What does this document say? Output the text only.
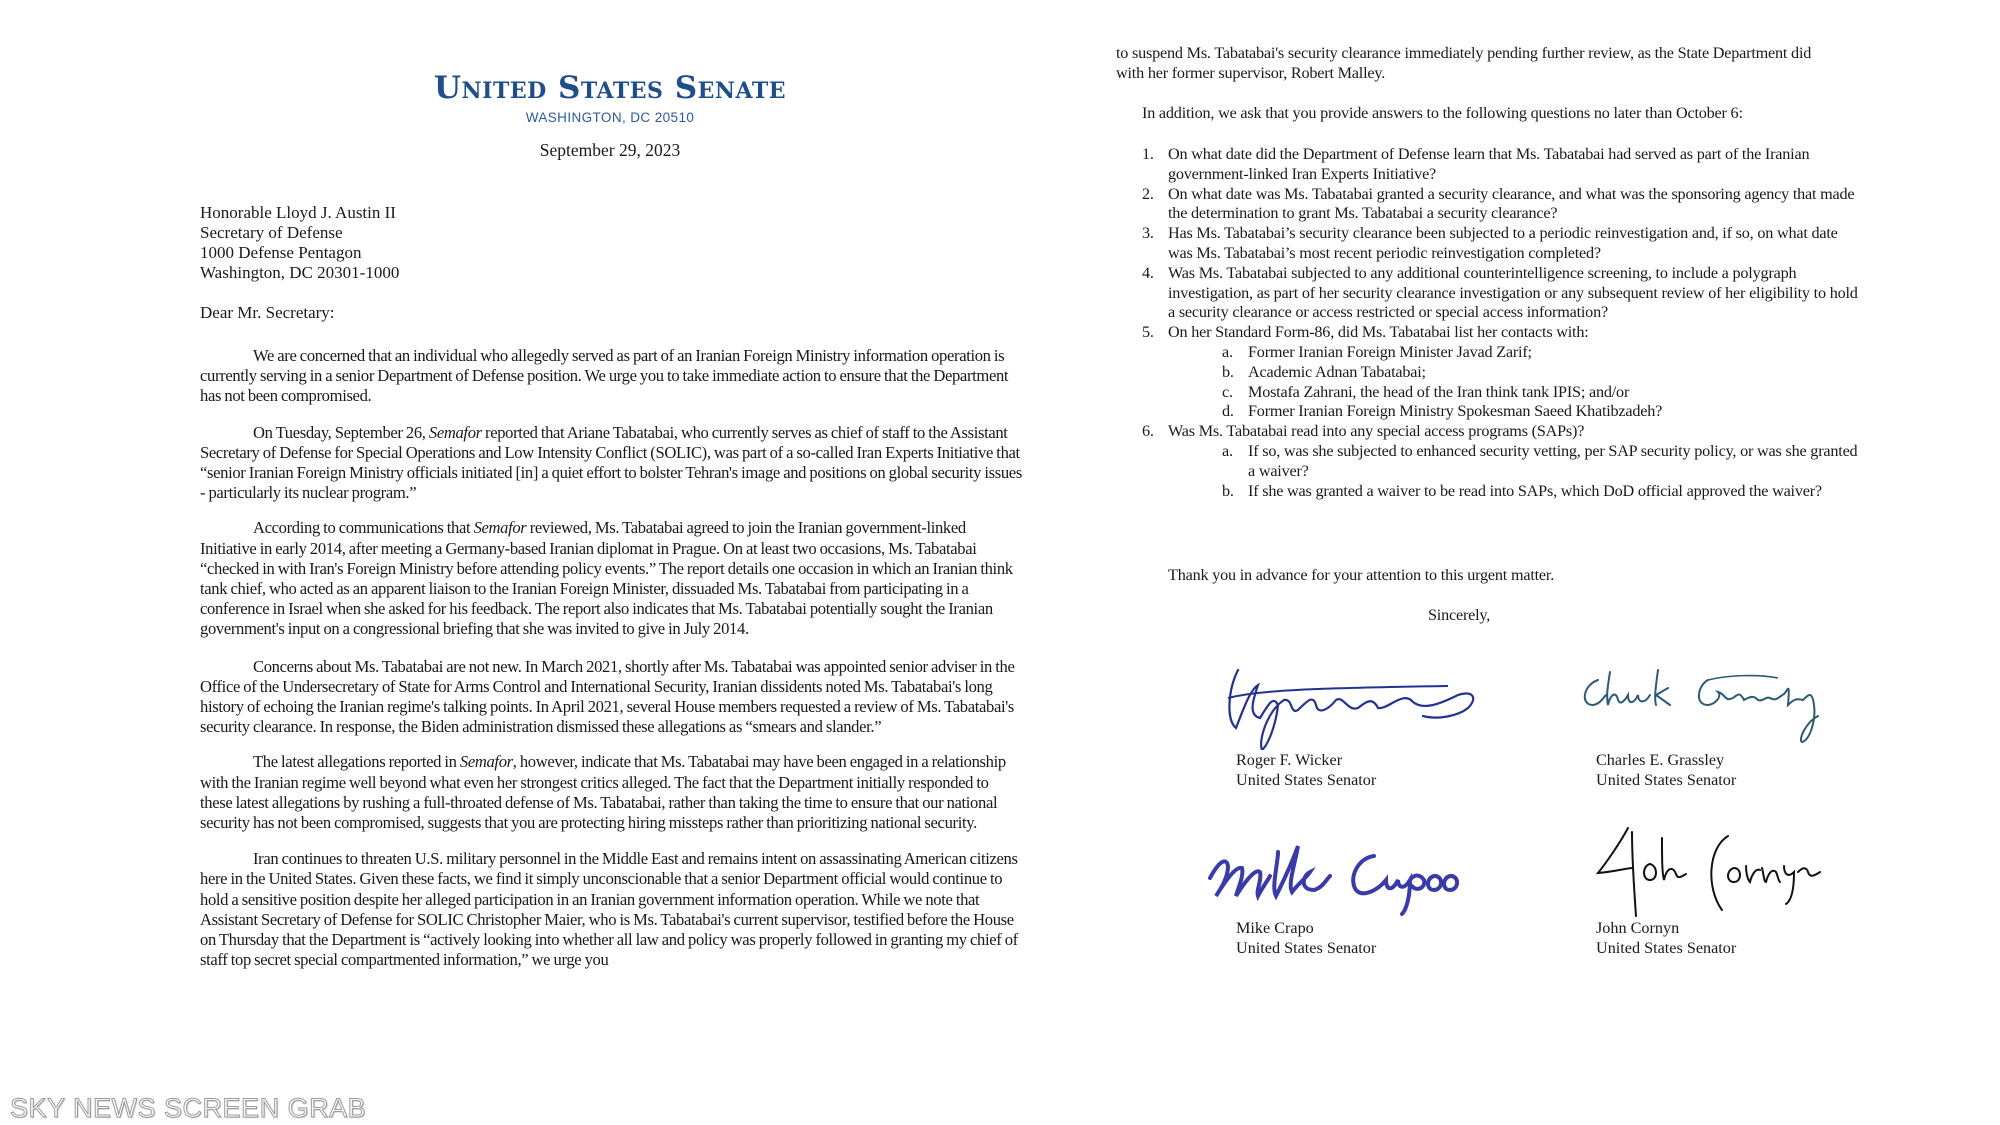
United States Senate
WASHINGTON, DC 20510
September 29, 2023
Honorable Lloyd J. Austin II
Secretary of Defense
1000 Defense Pentagon
Washington, DC 20301-1000
Dear Mr. Secretary:

We are concerned that an individual who allegedly served as part of an Iranian Foreign Ministry information operation is currently serving in a senior Department of Defense position. We urge you to take immediate action to ensure that the Department has not been compromised.

On Tuesday, September 26, Semafor reported that Ariane Tabatabai, who currently serves as chief of staff to the Assistant Secretary of Defense for Special Operations and Low Intensity Conflict (SOLIC), was part of a so-called Iran Experts Initiative that “senior Iranian Foreign Ministry officials initiated [in] a quiet effort to bolster Tehran's image and positions on global security issues - particularly its nuclear program.”

According to communications that Semafor reviewed, Ms. Tabatabai agreed to join the Iranian government-linked Initiative in early 2014, after meeting a Germany-based Iranian diplomat in Prague. On at least two occasions, Ms. Tabatabai “checked in with Iran's Foreign Ministry before attending policy events.” The report details one occasion in which an Iranian think tank chief, who acted as an apparent liaison to the Iranian Foreign Minister, dissuaded Ms. Tabatabai from participating in a conference in Israel when she asked for his feedback. The report also indicates that Ms. Tabatabai potentially sought the Iranian government's input on a congressional briefing that she was invited to give in July 2014.

Concerns about Ms. Tabatabai are not new. In March 2021, shortly after Ms. Tabatabai was appointed senior adviser in the Office of the Undersecretary of State for Arms Control and International Security, Iranian dissidents noted Ms. Tabatabai's long history of echoing the Iranian regime's talking points. In April 2021, several House members requested a review of Ms. Tabatabai's security clearance. In response, the Biden administration dismissed these allegations as “smears and slander.”

The latest allegations reported in Semafor, however, indicate that Ms. Tabatabai may have been engaged in a relationship with the Iranian regime well beyond what even her strongest critics alleged. The fact that the Department initially responded to these latest allegations by rushing a full-throated defense of Ms. Tabatabai, rather than taking the time to ensure that our national security has not been compromised, suggests that you are protecting hiring missteps rather than prioritizing national security.

Iran continues to threaten U.S. military personnel in the Middle East and remains intent on assassinating American citizens here in the United States. Given these facts, we find it simply unconscionable that a senior Department official would continue to hold a sensitive position despite her alleged participation in an Iranian government information operation. While we note that Assistant Secretary of Defense for SOLIC Christopher Maier, who is Ms. Tabatabai's current supervisor, testified before the House on Thursday that the Department is “actively looking into whether all law and policy was properly followed in granting my chief of staff top secret special compartmented information,” we urge you

to suspend Ms. Tabatabai's security clearance immediately pending further review, as the State Department did with her former supervisor, Robert Malley.
In addition, we ask that you provide answers to the following questions no later than October 6:
1. On what date did the Department of Defense learn that Ms. Tabatabai had served as part of the Iranian government-linked Iran Experts Initiative?
2. On what date was Ms. Tabatabai granted a security clearance, and what was the sponsoring agency that made the determination to grant Ms. Tabatabai a security clearance?
3. Has Ms. Tabatabai’s security clearance been subjected to a periodic reinvestigation and, if so, on what date was Ms. Tabatabai’s most recent periodic reinvestigation completed?
4. Was Ms. Tabatabai subjected to any additional counterintelligence screening, to include a polygraph investigation, as part of her security clearance investigation or any subsequent review of her eligibility to hold a security clearance or access restricted or special access information?
5. On her Standard Form-86, did Ms. Tabatabai list her contacts with:
a. Former Iranian Foreign Minister Javad Zarif;
b. Academic Adnan Tabatabai;
c. Mostafa Zahrani, the head of the Iran think tank IPIS; and/or
d. Former Iranian Foreign Ministry Spokesman Saeed Khatibzadeh?
6. Was Ms. Tabatabai read into any special access programs (SAPs)?
a. If so, was she subjected to enhanced security vetting, per SAP security policy, or was she granted a waiver?
b. If she was granted a waiver to be read into SAPs, which DoD official approved the waiver?
Thank you in advance for your attention to this urgent matter.
Sincerely,
Roger F. Wicker
United States Senator
Charles E. Grassley
United States Senator
Mike Crapo
United States Senator
John Cornyn
United States Senator
SKY NEWS SCREEN GRAB
